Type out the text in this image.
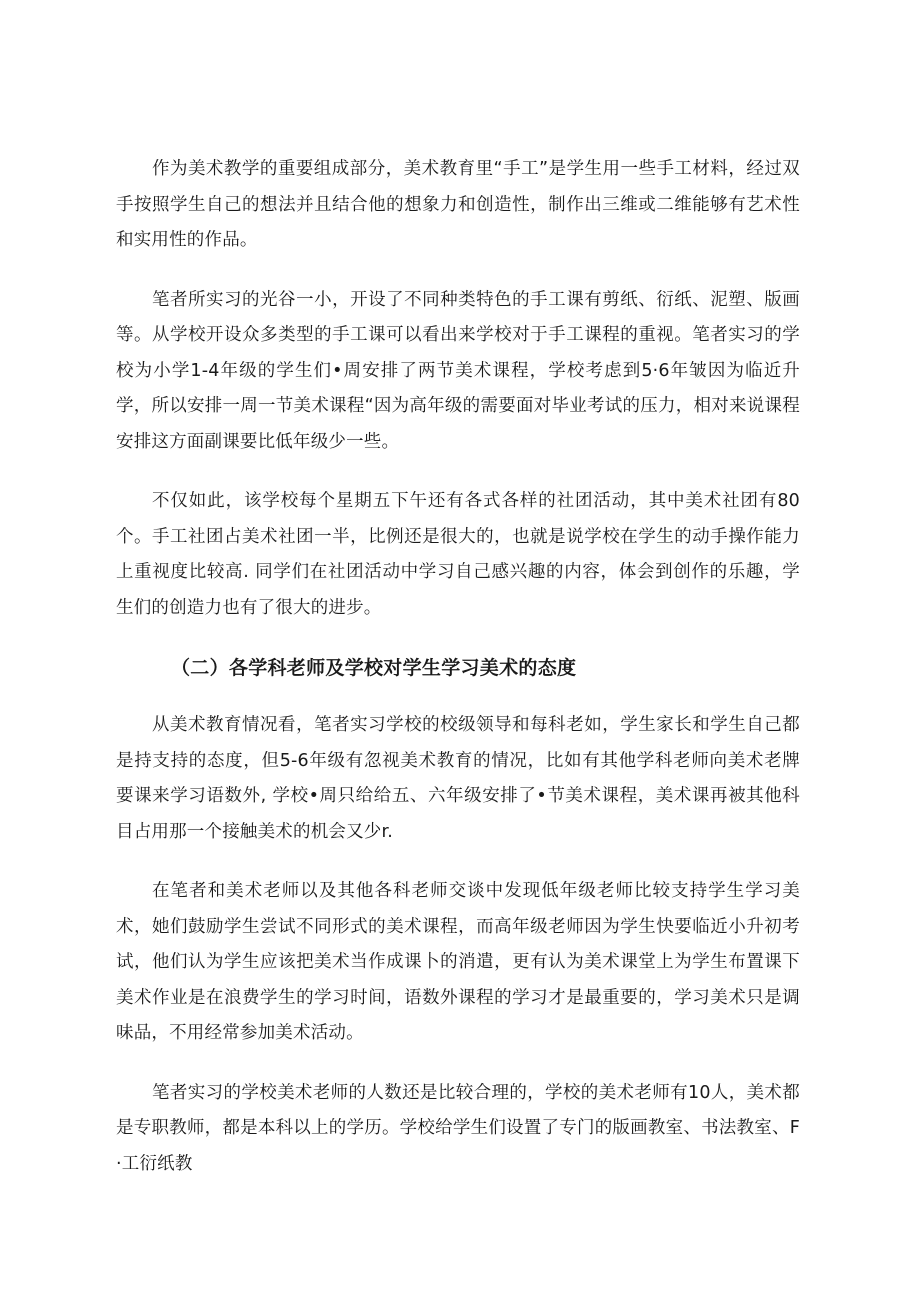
作为美术教学的重要组成部分，美术教育里“手工”是学生用一些手工材料，经过双手按照学生自己的想法并且结合他的想象力和创造性，制作出三维或二维能够有艺术性和实用性的作品。

笔者所实习的光谷一小，开设了不同种类特色的手工课有剪纸、衍纸、泥塑、版画等。从学校开设众多类型的手工课可以看出来学校对于手工课程的重视。笔者实习的学校为小学1-4年级的学生们•周安排了两节美术课程，学校考虑到5·6年皱因为临近升学，所以安排一周一节美术课程“因为高年级的需要面对毕业考试的压力，相对来说课程安排这方面副课要比低年级少一些。

不仅如此，该学校每个星期五下午还有各式各样的社团活动，其中美术社团有80个。手工社团占美术社团一半，比例还是很大的，也就是说学校在学生的动手操作能力上重视度比较高. 同学们在社团活动中学习自己感兴趣的内容，体会到创作的乐趣，学生们的创造力也有了很大的进步。

（二）各学科老师及学校对学生学习美术的态度

从美术教育情况看，笔者实习学校的校级领导和每科老如，学生家长和学生自己都是持支持的态度，但5-6年级有忽视美术教育的情况，比如有其他学科老师向美术老牌要课来学习语数外, 学校•周只给给五、六年级安排了•节美术课程，美术课再被其他科目占用那一个接触美术的机会又少r.

在笔者和美术老师以及其他各科老师交谈中发现低年级老师比较支持学生学习美术，她们鼓励学生尝试不同形式的美术课程，而高年级老师因为学生快要临近小升初考试，他们认为学生应该把美术当作成课卜的消遣，更有认为美术课堂上为学生布置课下美术作业是在浪费学生的学习时间，语数外课程的学习才是最重要的，学习美术只是调味品，不用经常参加美术活动。

笔者实习的学校美术老师的人数还是比较合理的，学校的美术老师有10人，美术都是专职教师，都是本科以上的学历。学校给学生们设置了专门的版画教室、书法教室、F·工衍纸教
